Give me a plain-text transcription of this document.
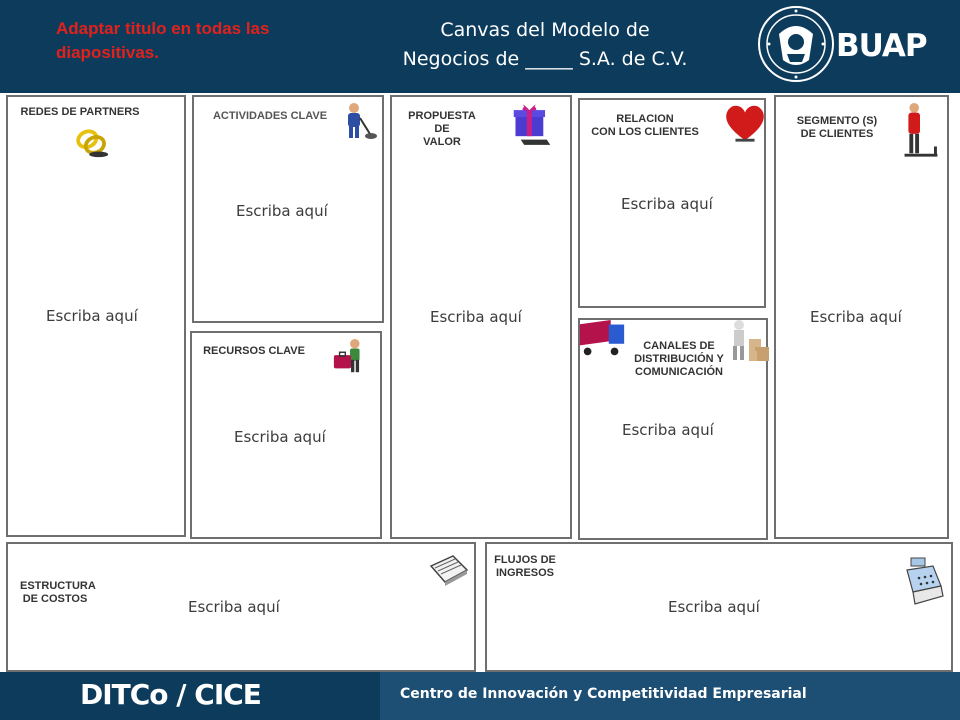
Adaptar titulo en todas las diapositivas.
Canvas del Modelo de
Negocios de _____ S.A. de C.V.	BUAP
REDES DE PARTNERS
Escriba aquí
ACTIVIDADES CLAVE
Escriba aquí
RECURSOS CLAVE
Escriba aquí
PROPUESTA DE
VALOR
Escriba aquí
RELACION
CON LOS CLIENTES
Escriba aquí
CANALES DE
DISTRIBUCIÓN Y
COMUNICACIÓN
Escriba aquí
SEGMENTO (S)
DE CLIENTES
Escriba aquí
ESTRUCTURA
DE COSTOS	Escriba aquí
FLUJOS DE
INGRESOS
Escriba aquí
DITCo / CICE	Centro de Innovación y Competitividad Empresarial
